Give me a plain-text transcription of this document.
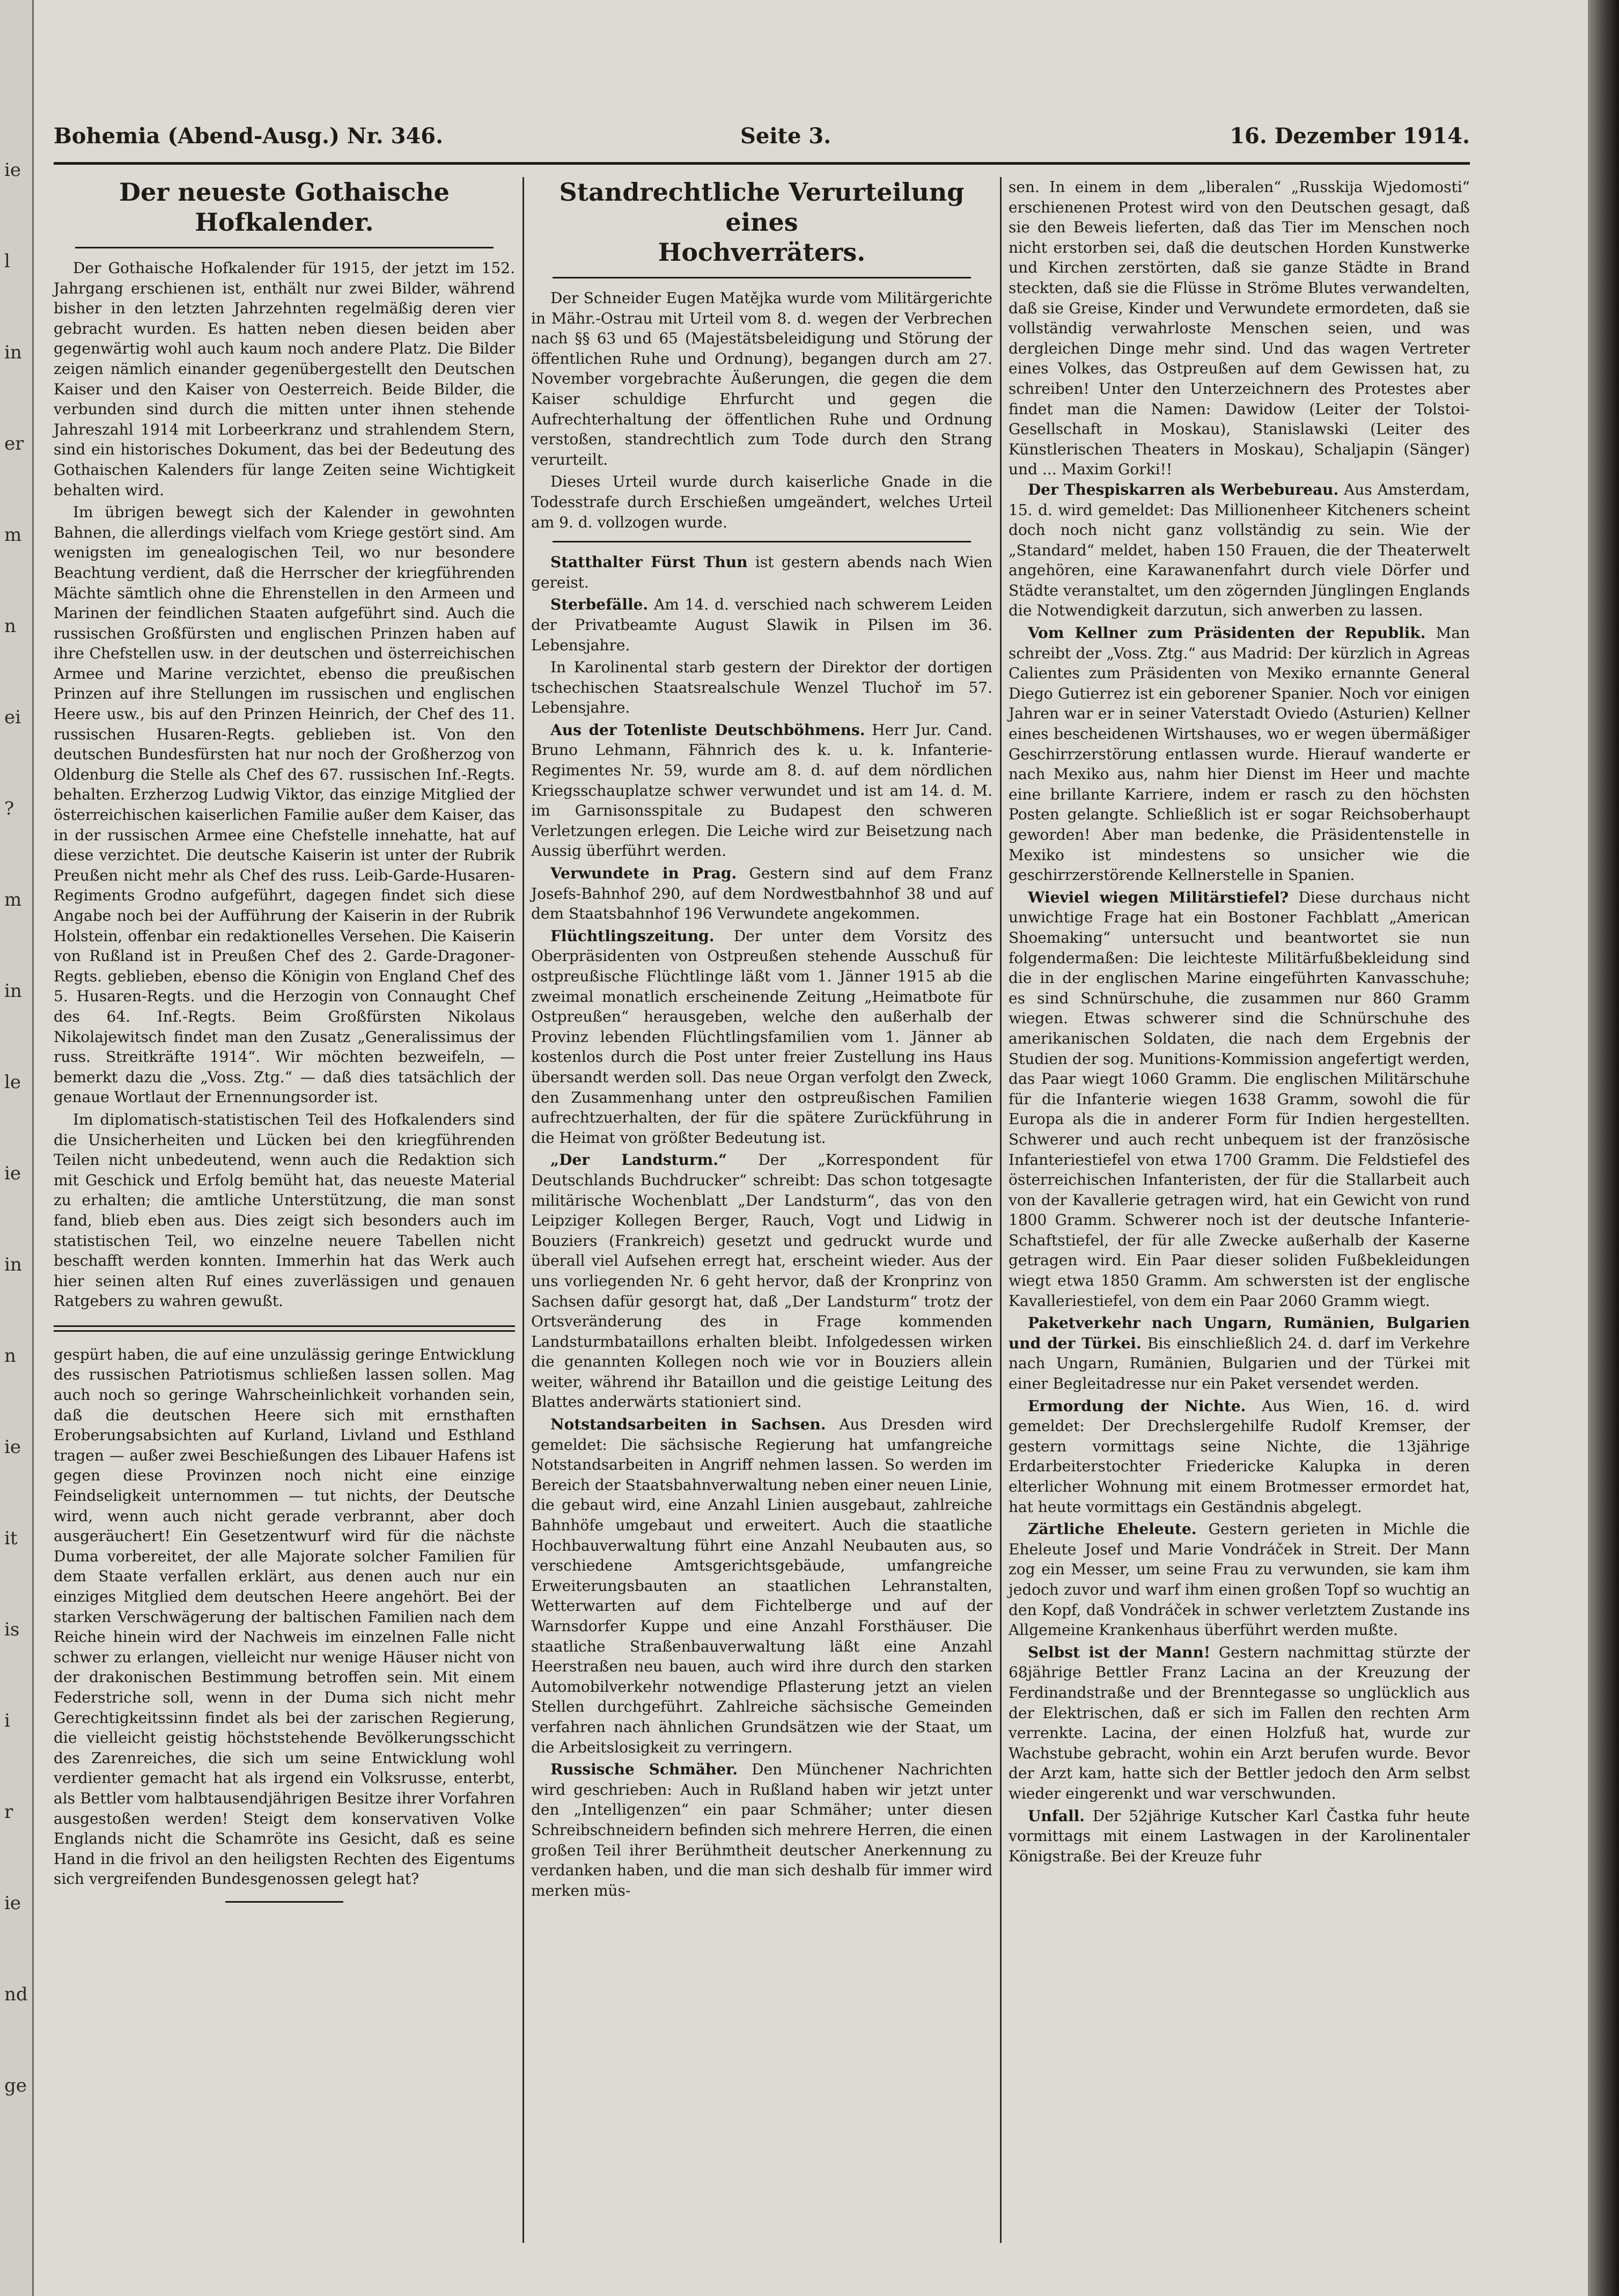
ie
l
in
er
m
n
ei
?
m
in
le
ie
in
n
ie
it
is
i
r
ie
nd
ge
Bohemia (Abend-Ausg.) Nr. 346.	Seite 3.	16. Dezember 1914.
Der neueste Gothaische Hofkalender.

Der Gothaische Hofkalender für 1915, der jetzt im 152. Jahrgang erschienen ist, enthält nur zwei Bilder, während bisher in den letzten Jahrzehnten regelmäßig deren vier gebracht wurden. Es hatten neben diesen beiden aber gegenwärtig wohl auch kaum noch andere Platz. Die Bilder zeigen nämlich einander gegenübergestellt den Deutschen Kaiser und den Kaiser von Oesterreich. Beide Bilder, die verbunden sind durch die mitten unter ihnen stehende Jahreszahl 1914 mit Lorbeerkranz und strahlendem Stern, sind ein historisches Dokument, das bei der Bedeutung des Gothaischen Kalenders für lange Zeiten seine Wichtigkeit behalten wird.

Im übrigen bewegt sich der Kalender in gewohnten Bahnen, die allerdings vielfach vom Kriege gestört sind. Am wenigsten im genealogischen Teil, wo nur besondere Beachtung verdient, daß die Herrscher der kriegführenden Mächte sämtlich ohne die Ehrenstellen in den Armeen und Marinen der feindlichen Staaten aufgeführt sind. Auch die russischen Großfürsten und englischen Prinzen haben auf ihre Chefstellen usw. in der deutschen und österreichischen Armee und Marine verzichtet, ebenso die preußischen Prinzen auf ihre Stellungen im russischen und englischen Heere usw., bis auf den Prinzen Heinrich, der Chef des 11. russischen Husaren-Regts. geblieben ist. Von den deutschen Bundesfürsten hat nur noch der Großherzog von Oldenburg die Stelle als Chef des 67. russischen Inf.-Regts. behalten. Erzherzog Ludwig Viktor, das einzige Mitglied der österreichischen kaiserlichen Familie außer dem Kaiser, das in der russischen Armee eine Chefstelle innehatte, hat auf diese verzichtet. Die deutsche Kaiserin ist unter der Rubrik Preußen nicht mehr als Chef des russ. Leib-Garde-Husaren-Regiments Grodno aufgeführt, dagegen findet sich diese Angabe noch bei der Aufführung der Kaiserin in der Rubrik Holstein, offenbar ein redaktionelles Versehen. Die Kaiserin von Rußland ist in Preußen Chef des 2. Garde-Dragoner-Regts. geblieben, ebenso die Königin von England Chef des 5. Husaren-Regts. und die Herzogin von Connaught Chef des 64. Inf.-Regts. Beim Großfürsten Nikolaus Nikolajewitsch findet man den Zusatz „Generalissimus der russ. Streitkräfte 1914“. Wir möchten bezweifeln, — bemerkt dazu die „Voss. Ztg.“ — daß dies tatsächlich der genaue Wortlaut der Ernennungsorder ist.

Im diplomatisch-statistischen Teil des Hofkalenders sind die Unsicherheiten und Lücken bei den kriegführenden Teilen nicht unbedeutend, wenn auch die Redaktion sich mit Geschick und Erfolg bemüht hat, das neueste Material zu erhalten; die amtliche Unterstützung, die man sonst fand, blieb eben aus. Dies zeigt sich besonders auch im statistischen Teil, wo einzelne neuere Tabellen nicht beschafft werden konnten. Immerhin hat das Werk auch hier seinen alten Ruf eines zuverlässigen und genauen Ratgebers zu wahren gewußt.

gespürt haben, die auf eine unzulässig geringe Entwicklung des russischen Patriotismus schließen lassen sollen. Mag auch noch so geringe Wahrscheinlichkeit vorhanden sein, daß die deutschen Heere sich mit ernsthaften Eroberungsabsichten auf Kurland, Livland und Esthland tragen — außer zwei Beschießungen des Libauer Hafens ist gegen diese Provinzen noch nicht eine einzige Feindseligkeit unternommen — tut nichts, der Deutsche wird, wenn auch nicht gerade verbrannt, aber doch ausgeräuchert! Ein Gesetzentwurf wird für die nächste Duma vorbereitet, der alle Majorate solcher Familien für dem Staate verfallen erklärt, aus denen auch nur ein einziges Mitglied dem deutschen Heere angehört. Bei der starken Verschwägerung der baltischen Familien nach dem Reiche hinein wird der Nachweis im einzelnen Falle nicht schwer zu erlangen, vielleicht nur wenige Häuser nicht von der drakonischen Bestimmung betroffen sein. Mit einem Federstriche soll, wenn in der Duma sich nicht mehr Gerechtigkeitssinn findet als bei der zarischen Regierung, die vielleicht geistig höchststehende Bevölkerungsschicht des Zarenreiches, die sich um seine Entwicklung wohl verdienter gemacht hat als irgend ein Volksrusse, enterbt, als Bettler vom halbtausendjährigen Besitze ihrer Vorfahren ausgestoßen werden! Steigt dem konservativen Volke Englands nicht die Schamröte ins Gesicht, daß es seine Hand in die frivol an den heiligsten Rechten des Eigentums sich vergreifenden Bundesgenossen gelegt hat?

Standrechtliche Verurteilung eines
Hochverräters.

Der Schneider Eugen Matějka wurde vom Militärgerichte in Mähr.-Ostrau mit Urteil vom 8. d. wegen der Verbrechen nach §§ 63 und 65 (Majestätsbeleidigung und Störung der öffentlichen Ruhe und Ordnung), begangen durch am 27. November vorgebrachte Äußerungen, die gegen die dem Kaiser schuldige Ehrfurcht und gegen die Aufrechterhaltung der öffentlichen Ruhe und Ordnung verstoßen, standrechtlich zum Tode durch den Strang verurteilt.

Dieses Urteil wurde durch kaiserliche Gnade in die Todesstrafe durch Erschießen umgeändert, welches Urteil am 9. d. vollzogen wurde.

Statthalter Fürst Thun ist gestern abends nach Wien gereist.

Sterbefälle. Am 14. d. verschied nach schwerem Leiden der Privatbeamte August Slawik in Pilsen im 36. Lebensjahre.

In Karolinental starb gestern der Direktor der dortigen tschechischen Staatsrealschule Wenzel Tluchoř im 57. Lebensjahre.

Aus der Totenliste Deutschböhmens. Herr Jur. Cand. Bruno Lehmann, Fähnrich des k. u. k. Infanterie-Regimentes Nr. 59, wurde am 8. d. auf dem nördlichen Kriegsschauplatze schwer verwundet und ist am 14. d. M. im Garnisonsspitale zu Budapest den schweren Verletzungen erlegen. Die Leiche wird zur Beisetzung nach Aussig überführt werden.

Verwundete in Prag. Gestern sind auf dem Franz Josefs-Bahnhof 290, auf dem Nordwestbahnhof 38 und auf dem Staatsbahnhof 196 Verwundete angekommen.

Flüchtlingszeitung. Der unter dem Vorsitz des Oberpräsidenten von Ostpreußen stehende Ausschuß für ostpreußische Flüchtlinge läßt vom 1. Jänner 1915 ab die zweimal monatlich erscheinende Zeitung „Heimatbote für Ostpreußen“ herausgeben, welche den außerhalb der Provinz lebenden Flüchtlingsfamilien vom 1. Jänner ab kostenlos durch die Post unter freier Zustellung ins Haus übersandt werden soll. Das neue Organ verfolgt den Zweck, den Zusammenhang unter den ostpreußischen Familien aufrechtzuerhalten, der für die spätere Zurückführung in die Heimat von größter Bedeutung ist.

„Der Landsturm.“ Der „Korrespondent für Deutschlands Buchdrucker“ schreibt: Das schon totgesagte militärische Wochenblatt „Der Landsturm“, das von den Leipziger Kollegen Berger, Rauch, Vogt und Lidwig in Bouziers (Frankreich) gesetzt und gedruckt wurde und überall viel Aufsehen erregt hat, erscheint wieder. Aus der uns vorliegenden Nr. 6 geht hervor, daß der Kronprinz von Sachsen dafür gesorgt hat, daß „Der Landsturm“ trotz der Ortsveränderung des in Frage kommenden Landsturmbataillons erhalten bleibt. Infolgedessen wirken die genannten Kollegen noch wie vor in Bouziers allein weiter, während ihr Bataillon und die geistige Leitung des Blattes anderwärts stationiert sind.

Notstandsarbeiten in Sachsen. Aus Dresden wird gemeldet: Die sächsische Regierung hat umfangreiche Notstandsarbeiten in Angriff nehmen lassen. So werden im Bereich der Staatsbahnverwaltung neben einer neuen Linie, die gebaut wird, eine Anzahl Linien ausgebaut, zahlreiche Bahnhöfe umgebaut und erweitert. Auch die staatliche Hochbauverwaltung führt eine Anzahl Neubauten aus, so verschiedene Amtsgerichtsgebäude, umfangreiche Erweiterungsbauten an staatlichen Lehranstalten, Wetterwarten auf dem Fichtelberge und auf der Warnsdorfer Kuppe und eine Anzahl Forsthäuser. Die staatliche Straßenbauverwaltung läßt eine Anzahl Heerstraßen neu bauen, auch wird ihre durch den starken Automobilverkehr notwendige Pflasterung jetzt an vielen Stellen durchgeführt. Zahlreiche sächsische Gemeinden verfahren nach ähnlichen Grundsätzen wie der Staat, um die Arbeitslosigkeit zu verringern.

Russische Schmäher. Den Münchener Nachrichten wird geschrieben: Auch in Rußland haben wir jetzt unter den „Intelligenzen“ ein paar Schmäher; unter diesen Schreibschneidern befinden sich mehrere Herren, die einen großen Teil ihrer Berühmtheit deutscher Anerkennung zu verdanken haben, und die man sich deshalb für immer wird merken müs-

sen. In einem in dem „liberalen“ „Russkija Wjedomosti“ erschienenen Protest wird von den Deutschen gesagt, daß sie den Beweis lieferten, daß das Tier im Menschen noch nicht erstorben sei, daß die deutschen Horden Kunstwerke und Kirchen zerstörten, daß sie ganze Städte in Brand steckten, daß sie die Flüsse in Ströme Blutes verwandelten, daß sie Greise, Kinder und Verwundete ermordeten, daß sie vollständig verwahrloste Menschen seien, und was dergleichen Dinge mehr sind. Und das wagen Vertreter eines Volkes, das Ostpreußen auf dem Gewissen hat, zu schreiben! Unter den Unterzeichnern des Protestes aber findet man die Namen: Dawidow (Leiter der Tolstoi-Gesellschaft in Moskau), Stanislawski (Leiter des Künstlerischen Theaters in Moskau), Schaljapin (Sänger) und ... Maxim Gorki!!

Der Thespiskarren als Werbebureau. Aus Amsterdam, 15. d. wird gemeldet: Das Millionenheer Kitcheners scheint doch noch nicht ganz vollständig zu sein. Wie der „Standard“ meldet, haben 150 Frauen, die der Theaterwelt angehören, eine Karawanenfahrt durch viele Dörfer und Städte veranstaltet, um den zögernden Jünglingen Englands die Notwendigkeit darzutun, sich anwerben zu lassen.

Vom Kellner zum Präsidenten der Republik. Man schreibt der „Voss. Ztg.“ aus Madrid: Der kürzlich in Agreas Calientes zum Präsidenten von Mexiko ernannte General Diego Gutierrez ist ein geborener Spanier. Noch vor einigen Jahren war er in seiner Vaterstadt Oviedo (Asturien) Kellner eines bescheidenen Wirtshauses, wo er wegen übermäßiger Geschirrzerstörung entlassen wurde. Hierauf wanderte er nach Mexiko aus, nahm hier Dienst im Heer und machte eine brillante Karriere, indem er rasch zu den höchsten Posten gelangte. Schließlich ist er sogar Reichsoberhaupt geworden! Aber man bedenke, die Präsidentenstelle in Mexiko ist mindestens so unsicher wie die geschirrzerstörende Kellnerstelle in Spanien.

Wieviel wiegen Militärstiefel? Diese durchaus nicht unwichtige Frage hat ein Bostoner Fachblatt „American Shoemaking“ untersucht und beantwortet sie nun folgendermaßen: Die leichteste Militärfußbekleidung sind die in der englischen Marine eingeführten Kanvasschuhe; es sind Schnürschuhe, die zusammen nur 860 Gramm wiegen. Etwas schwerer sind die Schnürschuhe des amerikanischen Soldaten, die nach dem Ergebnis der Studien der sog. Munitions-Kommission angefertigt werden, das Paar wiegt 1060 Gramm. Die englischen Militärschuhe für die Infanterie wiegen 1638 Gramm, sowohl die für Europa als die in anderer Form für Indien hergestellten. Schwerer und auch recht unbequem ist der französische Infanteriestiefel von etwa 1700 Gramm. Die Feldstiefel des österreichischen Infanteristen, der für die Stallarbeit auch von der Kavallerie getragen wird, hat ein Gewicht von rund 1800 Gramm. Schwerer noch ist der deutsche Infanterie-Schaftstiefel, der für alle Zwecke außerhalb der Kaserne getragen wird. Ein Paar dieser soliden Fußbekleidungen wiegt etwa 1850 Gramm. Am schwersten ist der englische Kavalleriestiefel, von dem ein Paar 2060 Gramm wiegt.

Paketverkehr nach Ungarn, Rumänien, Bulgarien und der Türkei. Bis einschließlich 24. d. darf im Verkehre nach Ungarn, Rumänien, Bulgarien und der Türkei mit einer Begleitadresse nur ein Paket versendet werden.

Ermordung der Nichte. Aus Wien, 16. d. wird gemeldet: Der Drechslergehilfe Rudolf Kremser, der gestern vormittags seine Nichte, die 13jährige Erdarbeiterstochter Friedericke Kalupka in deren elterlicher Wohnung mit einem Brotmesser ermordet hat, hat heute vormittags ein Geständnis abgelegt.

Zärtliche Eheleute. Gestern gerieten in Michle die Eheleute Josef und Marie Vondráček in Streit. Der Mann zog ein Messer, um seine Frau zu verwunden, sie kam ihm jedoch zuvor und warf ihm einen großen Topf so wuchtig an den Kopf, daß Vondráček in schwer verletztem Zustande ins Allgemeine Krankenhaus überführt werden mußte.

Selbst ist der Mann! Gestern nachmittag stürzte der 68jährige Bettler Franz Lacina an der Kreuzung der Ferdinandstraße und der Brenntegasse so unglücklich aus der Elektrischen, daß er sich im Fallen den rechten Arm verrenkte. Lacina, der einen Holzfuß hat, wurde zur Wachstube gebracht, wohin ein Arzt berufen wurde. Bevor der Arzt kam, hatte sich der Bettler jedoch den Arm selbst wieder eingerenkt und war verschwunden.

Unfall. Der 52jährige Kutscher Karl Častka fuhr heute vormittags mit einem Lastwagen in der Karolinentaler Königstraße. Bei der Kreuze fuhr
